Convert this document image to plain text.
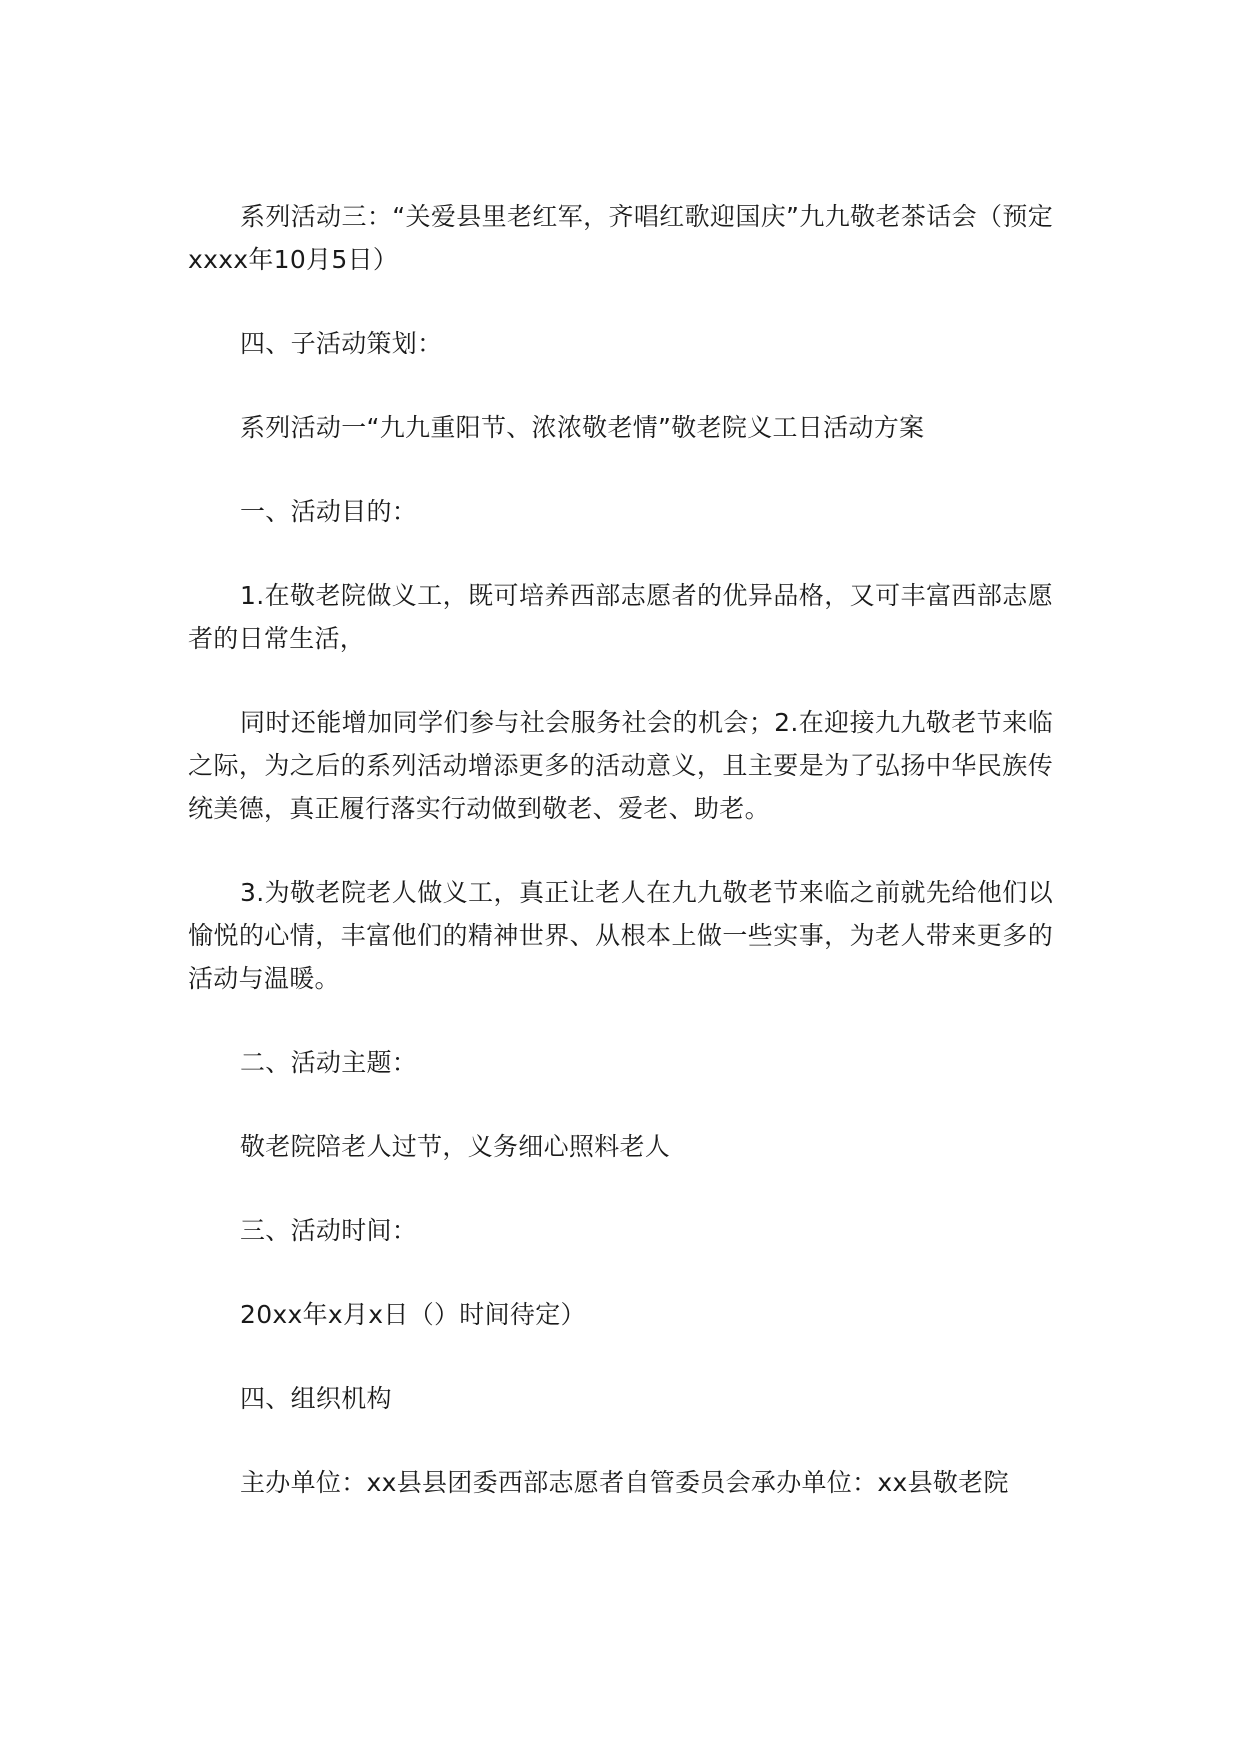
系列活动三：“关爱县里老红军，齐唱红歌迎国庆”九九敬老茶话会（预定xxxx年10月5日）

四、子活动策划：

系列活动一“九九重阳节、浓浓敬老情”敬老院义工日活动方案

一、活动目的：

1.在敬老院做义工，既可培养西部志愿者的优异品格，又可丰富西部志愿者的日常生活，

同时还能增加同学们参与社会服务社会的机会；2.在迎接九九敬老节来临之际，为之后的系列活动增添更多的活动意义，且主要是为了弘扬中华民族传统美德，真正履行落实行动做到敬老、爱老、助老。

3.为敬老院老人做义工，真正让老人在九九敬老节来临之前就先给他们以愉悦的心情，丰富他们的精神世界、从根本上做一些实事，为老人带来更多的活动与温暖。

二、活动主题：

敬老院陪老人过节，义务细心照料老人

三、活动时间：

20xx年x月x日（）时间待定）

四、组织机构

主办单位：xx县县团委西部志愿者自管委员会承办单位：xx县敬老院
